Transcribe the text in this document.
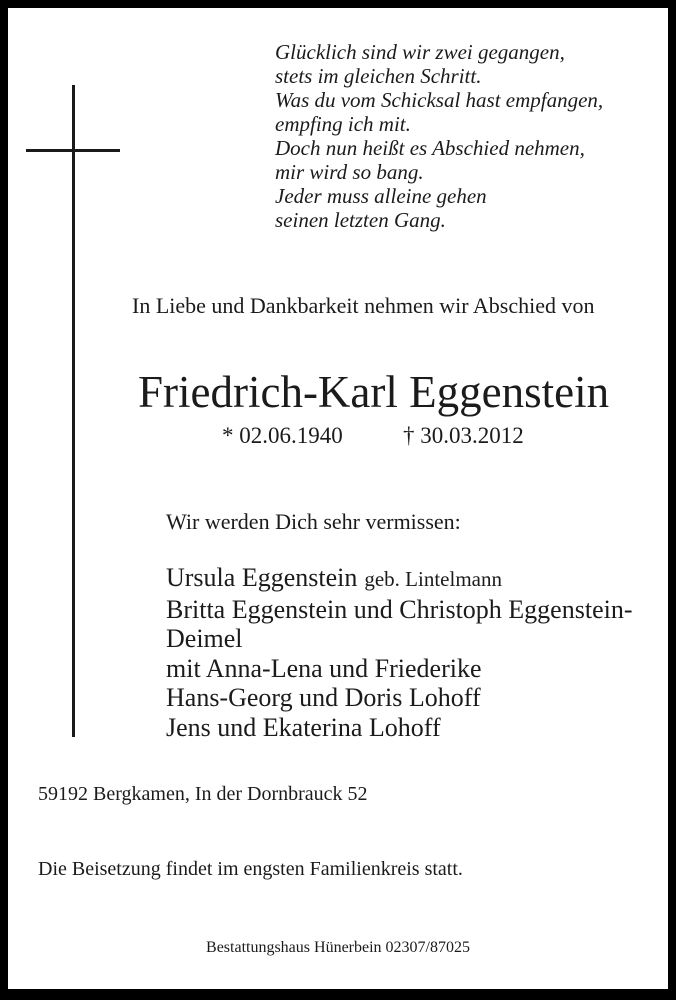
Glücklich sind wir zwei gegangen,
stets im gleichen Schritt.
Was du vom Schicksal hast empfangen,
empfing ich mit.
Doch nun heißt es Abschied nehmen,
mir wird so bang.
Jeder muss alleine gehen
seinen letzten Gang.
In Liebe und Dankbarkeit nehmen wir Abschied von
Friedrich-Karl Eggenstein
* 02.06.1940	† 30.03.2012
Wir werden Dich sehr vermissen:
Ursula Eggenstein geb. Lintelmann
Britta Eggenstein und Christoph Eggenstein-
Deimel
mit Anna-Lena und Friederike
Hans-Georg und Doris Lohoff
Jens und Ekaterina Lohoff
59192 Bergkamen, In der Dornbrauck 52
Die Beisetzung findet im engsten Familienkreis statt.
Bestattungshaus Hünerbein 02307/87025
